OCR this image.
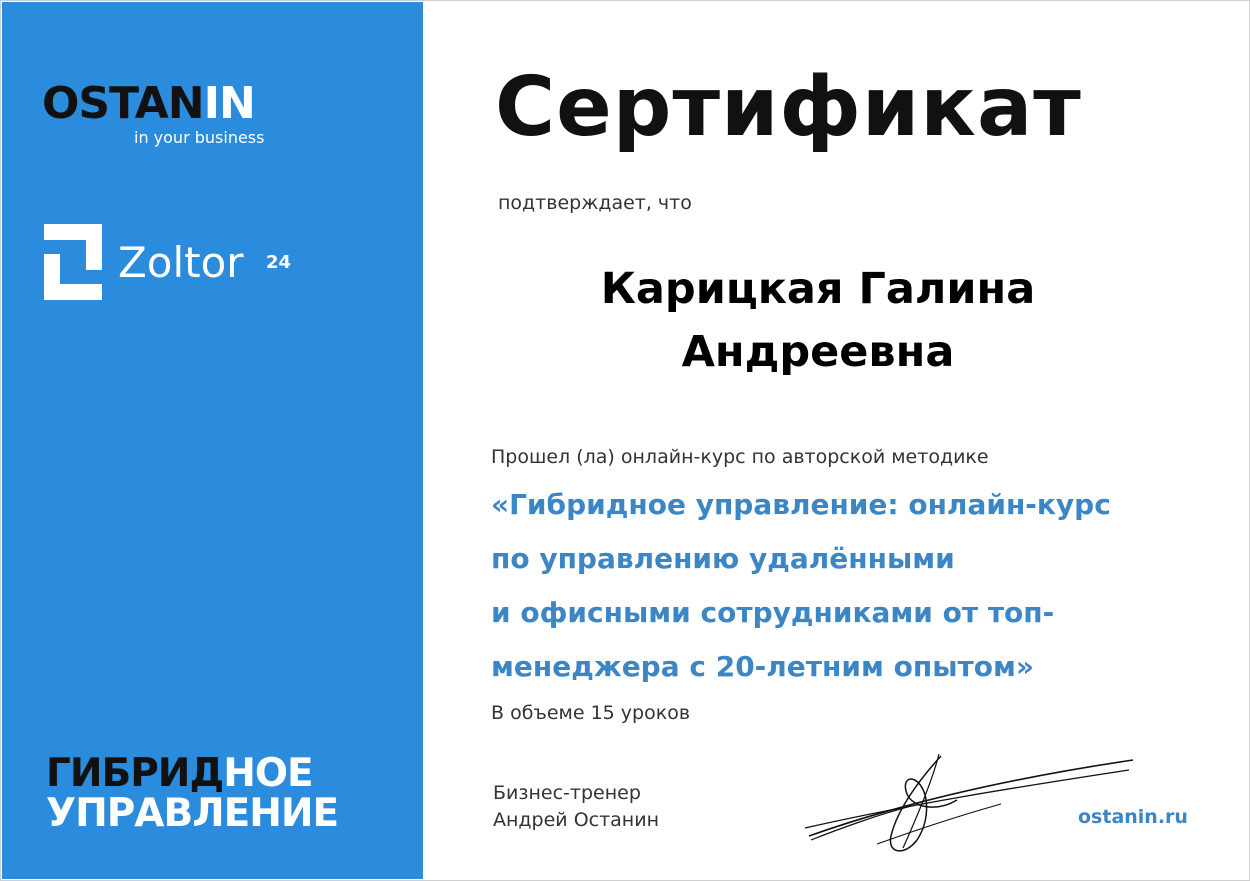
OSTANIN
in your business
Zoltor 24
ГИБРИДНОЕ
УПРАВЛЕНИЕ
Сертификат
подтверждает, что
Карицкая Галина
Андреевна
Прошел (ла) онлайн-курс по авторской методике
«Гибридное управление: онлайн-курс
по управлению удалёнными
и офисными сотрудниками от топ-
менеджера с 20-летним опытом»
В объеме 15 уроков
Бизнес-тренер
Андрей Останин	ostanin.ru
